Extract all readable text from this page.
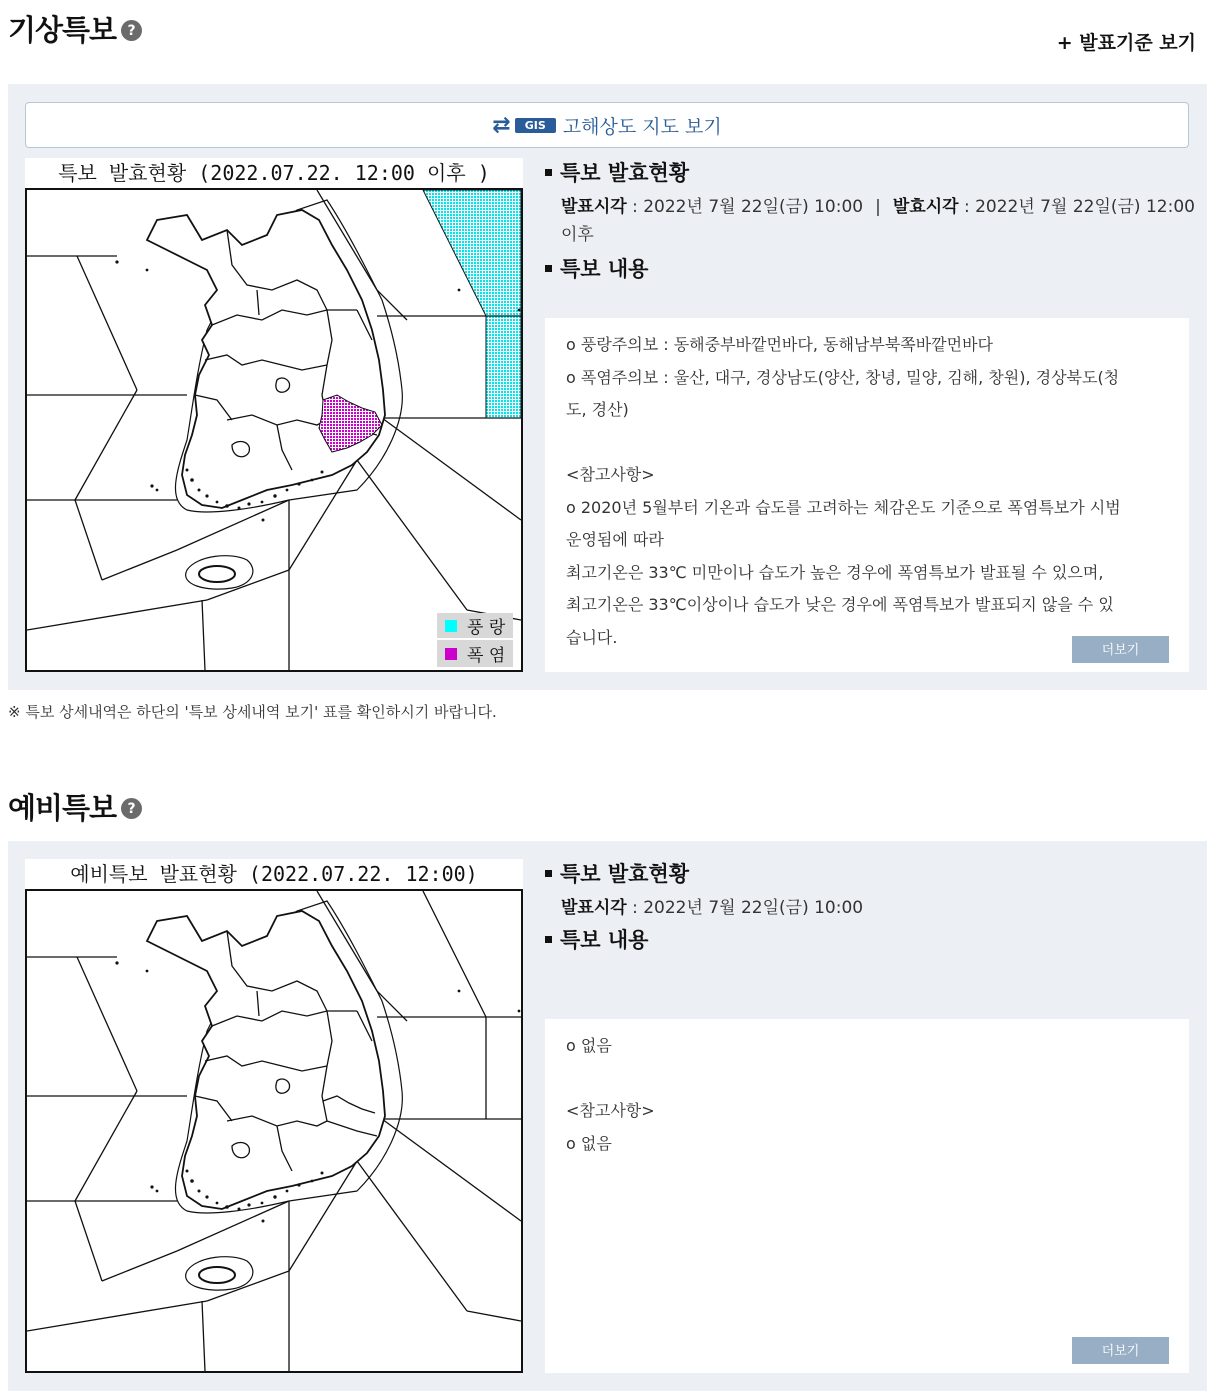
기상특보 ?
+ 발표기준 보기
⇄	GIS 고해상도 지도 보기
특보 발효현황 (2022.07.22. 12:00 이후 )
풍 랑
폭 염
특보 발효현황
발표시각 : 2022년 7월 22일(금) 10:00 | 발효시각 : 2022년 7월 22일(금) 12:00 이후
특보 내용
o 풍랑주의보 : 동해중부바깥먼바다, 동해남부북쪽바깥먼바다
o 폭염주의보 : 울산, 대구, 경상남도(양산, 창녕, 밀양, 김해, 창원), 경상북도(청도, 경산)

<참고사항>
o 2020년 5월부터 기온과 습도를 고려하는 체감온도 기준으로 폭염특보가 시범운영됨에 따라
최고기온은 33℃ 미만이나 습도가 높은 경우에 폭염특보가 발표될 수 있으며,
최고기온은 33℃이상이나 습도가 낮은 경우에 폭염특보가 발표되지 않을 수 있습니다.
더보기
※ 특보 상세내역은 하단의 '특보 상세내역 보기' 표를 확인하시기 바랍니다.
예비특보 ?
예비특보 발표현황 (2022.07.22. 12:00)	특보 발효현황
발표시각 : 2022년 7월 22일(금) 10:00
특보 내용
o 없음

<참고사항>
o 없음
더보기
